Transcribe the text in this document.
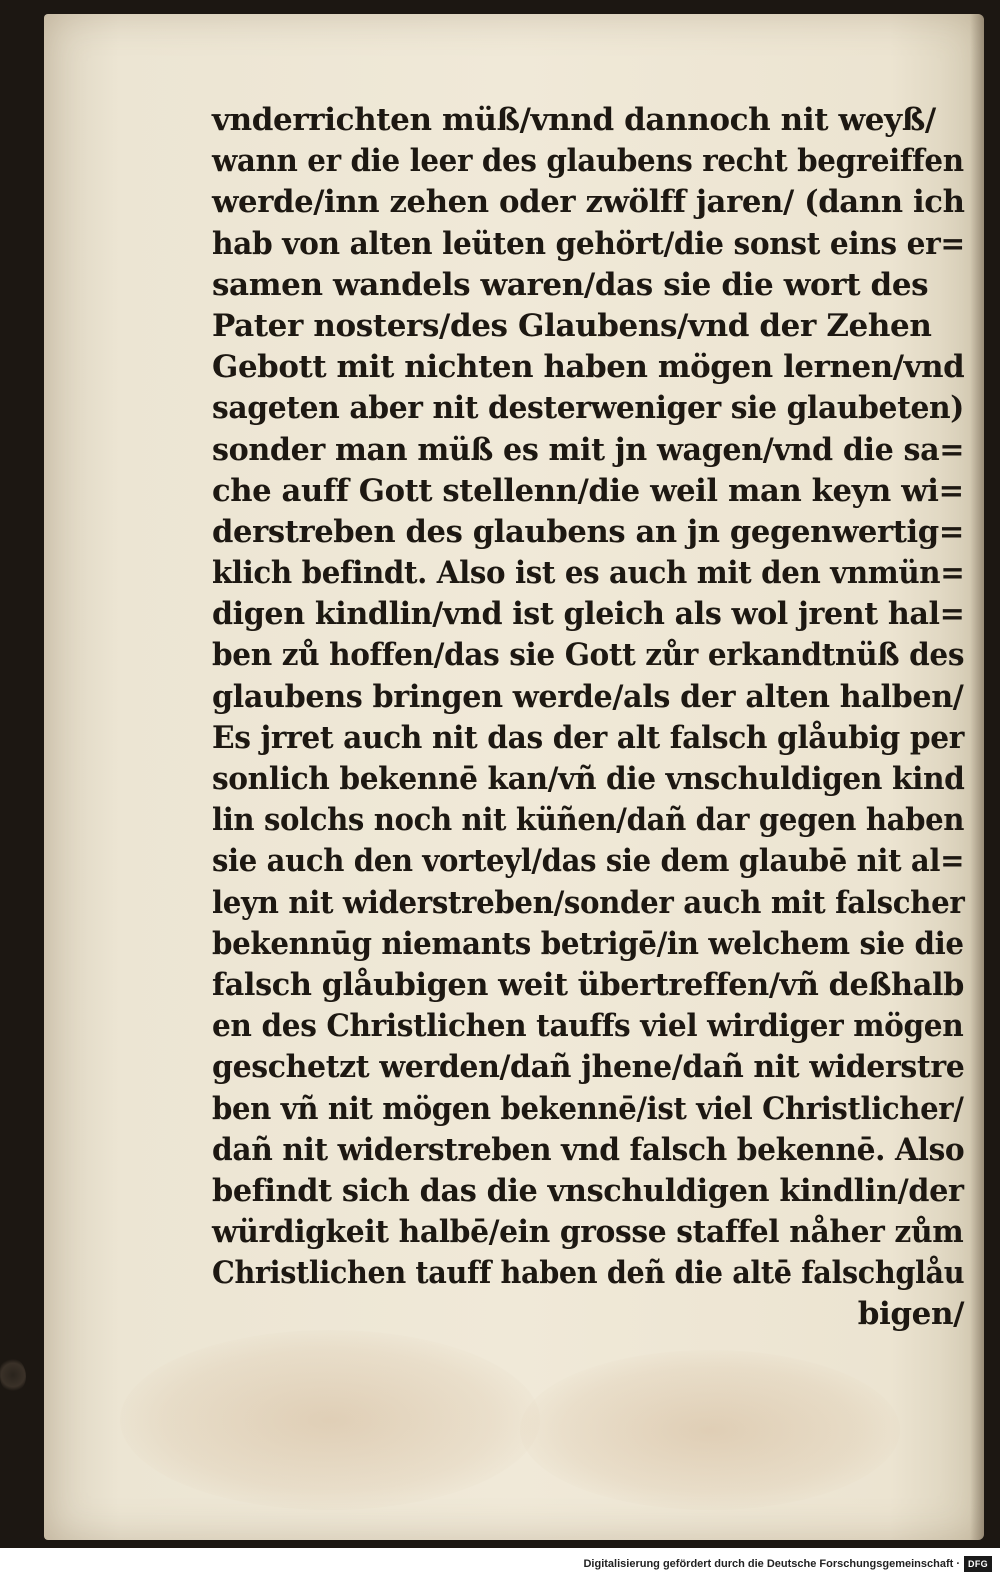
vnderrichten müß/vnnd dannoch nit weyß/
wann er die leer des glaubens recht begreiffen
werde/inn zehen oder zwölff jaren/ (dann ich
hab von alten leüten gehört/die sonst eins er=
samen wandels waren/das sie die wort des
Pater nosters/des Glaubens/vnd der Zehen
Gebott mit nichten haben mögen lernen/vnd
sageten aber nit desterweniger sie glaubeten)
sonder man müß es mit jn wagen/vnd die sa=
che auff Gott stellenn/die weil man keyn wi=
derstreben des glaubens an jn gegenwertig=
klich befindt. Also ist es auch mit den vnmün=
digen kindlin/vnd ist gleich als wol jrent hal=
ben zů hoffen/das sie Gott zůr erkandtnüß des
glaubens bringen werde/als der alten halben/
Es jrret auch nit das der alt falsch glåubig per
sonlich bekennē kan/vñ die vnschuldigen kind
lin solchs noch nit küñen/dañ dar gegen haben
sie auch den vorteyl/das sie dem glaubē nit al=
leyn nit widerstreben/sonder auch mit falscher
bekennūg niemants betrigē/in welchem sie die
falsch glåubigen weit übertreffen/vñ deßhalb
en des Christlichen tauffs viel wirdiger mögen
geschetzt werden/dañ jhene/dañ nit widerstre
ben vñ nit mögen bekennē/ist viel Christlicher/
dañ nit widerstreben vnd falsch bekennē. Also
befindt sich das die vnschuldigen kindlin/der
würdigkeit halbē/ein grosse staffel nåher zům
Christlichen tauff haben deñ die altē falschglåu
bigen/
Digitalisierung gefördert durch die Deutsche Forschungsgemeinschaft · DFG
